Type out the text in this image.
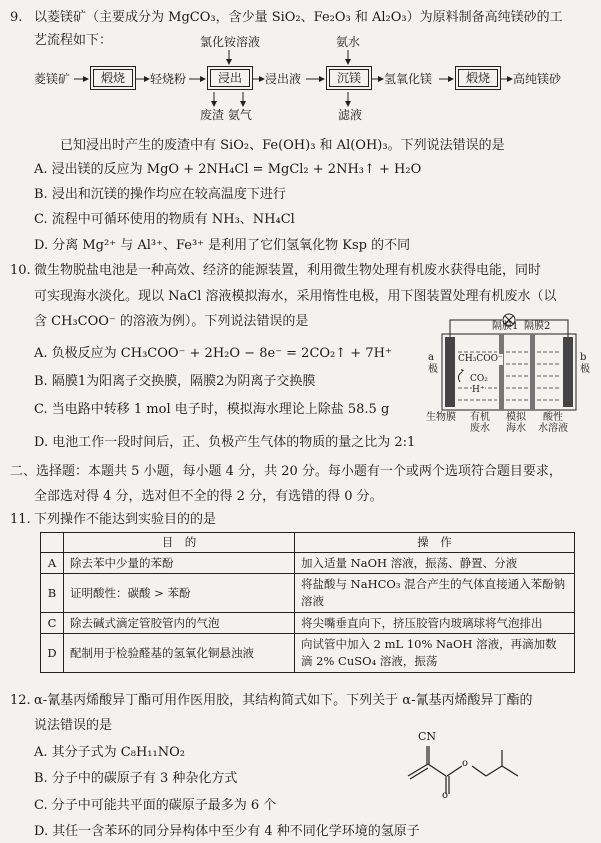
9. 以菱镁矿（主要成分为 MgCO₃，含少量 SiO₂、Fe₂O₃ 和 Al₂O₃）为原料制备高纯镁砂的工
艺流程如下：	氯化铵溶液	氨水
菱镁矿	煅烧	轻烧粉	浸出	浸出液	沉镁	氢氧化镁	煅烧	高纯镁砂
废渣 氨气	滤液
已知浸出时产生的废渣中有 SiO₂、Fe(OH)₃ 和 Al(OH)₃。下列说法错误的是
A. 浸出镁的反应为 MgO + 2NH₄Cl = MgCl₂ + 2NH₃↑ + H₂O
B. 浸出和沉镁的操作均应在较高温度下进行
C. 流程中可循环使用的物质有 NH₃、NH₄Cl
D. 分离 Mg²⁺ 与 Al³⁺、Fe³⁺ 是利用了它们氢氧化物 Ksp 的不同
10. 微生物脱盐电池是一种高效、经济的能源装置，利用微生物处理有机废水获得电能，同时
可实现海水淡化。现以 NaCl 溶液模拟海水，采用惰性电极，用下图装置处理有机废水（以
含 CH₃COO⁻ 的溶液为例）。下列说法错误的是
A. 负极反应为 CH₃COO⁻ + 2H₂O − 8e⁻ = 2CO₂↑ + 7H⁺
B. 隔膜1为阳离子交换膜，隔膜2为阴离子交换膜
C. 当电路中转移 1 mol 电子时，模拟海水理论上除盐 58.5 g
D. 电池工作一段时间后，正、负极产生气体的物质的量之比为 2:1
隔膜1 隔膜2
a
极
b
极
CH₃COO⁻
CO₂
H⁺
生物膜 有机
废水
模拟
海水
酸性
水溶液
二、选择题：本题共 5 小题，每小题 4 分，共 20 分。每小题有一个或两个选项符合题目要求，
全部选对得 4 分，选对但不全的得 2 分，有选错的得 0 分。
11. 下列操作不能达到实验目的的是
	目　的	操　作
A	除去苯中少量的苯酚	加入适量 NaOH 溶液，振荡、静置、分液
B	证明酸性：碳酸 > 苯酚	将盐酸与 NaHCO₃ 混合产生的气体直接通入苯酚钠溶液
C	除去碱式滴定管胶管内的气泡	将尖嘴垂直向下，挤压胶管内玻璃球将气泡排出
D	配制用于检验醛基的氢氧化铜悬浊液	向试管中加入 2 mL 10% NaOH 溶液，再滴加数滴 2% CuSO₄ 溶液，振荡
12. α-氰基丙烯酸异丁酯可用作医用胶，其结构简式如下。下列关于 α-氰基丙烯酸异丁酯的
说法错误的是
A. 其分子式为 C₈H₁₁NO₂
B. 分子中的碳原子有 3 种杂化方式
C. 分子中可能共平面的碳原子最多为 6 个
D. 其任一含苯环的同分异构体中至少有 4 种不同化学环境的氢原子
CN
o
o
